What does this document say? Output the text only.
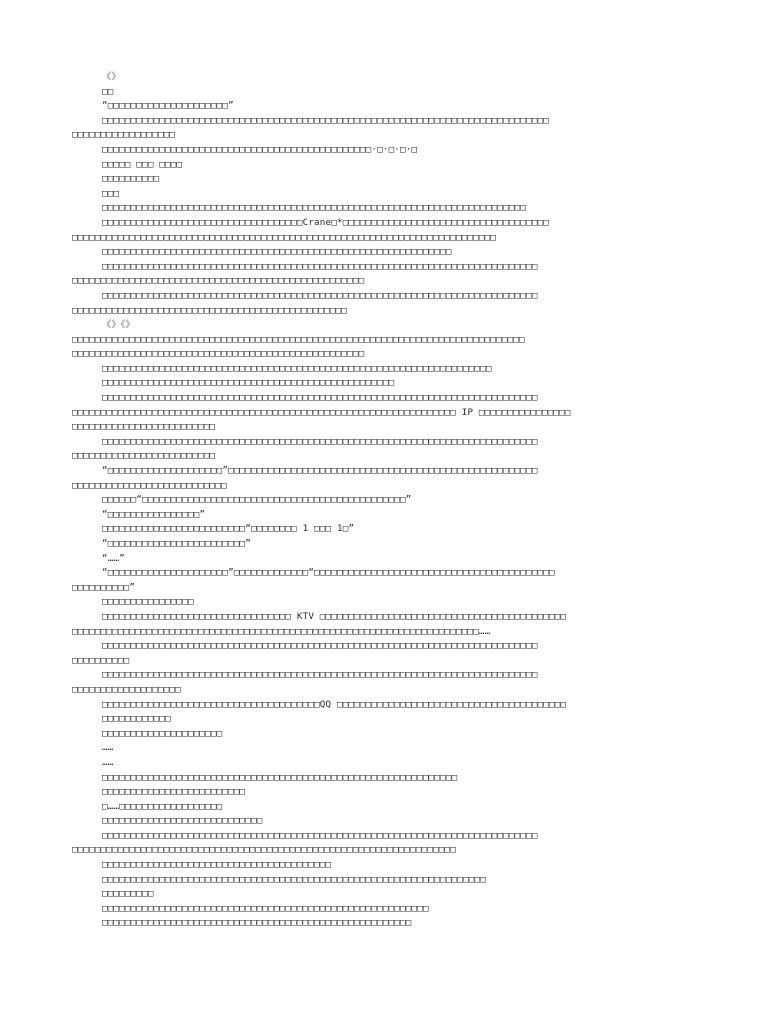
《》
□□
“□□□□□□□□□□□□□□□□□□□□□”
□□□□□□□□□□□□□□□□□□□□□□□□□□□□□□□□□□□□□□□□□□□□□□□□□□□□□□□□□□□□□□□□□□□□□□□□□□□□□□
□□□□□□□□□□□□□□□□□□
□□□□□□□□□□□□□□□□□□□□□□□□□□□□□□□□□□□□□□□□□□□□□□□·□·□·□·□
□□□□□ □□□ □□□□
□□□□□□□□□□
□□□
□□□□□□□□□□□□□□□□□□□□□□□□□□□□□□□□□□□□□□□□□□□□□□□□□□□□□□□□□□□□□□□□□□□□□□□□□□
□□□□□□□□□□□□□□□□□□□□□□□□□□□□□□□□□□□Crane□*□□□□□□□□□□□□□□□□□□□□□□□□□□□□□□□□□□□□
□□□□□□□□□□□□□□□□□□□□□□□□□□□□□□□□□□□□□□□□□□□□□□□□□□□□□□□□□□□□□□□□□□□□□□□□□□
□□□□□□□□□□□□□□□□□□□□□□□□□□□□□□□□□□□□□□□□□□□□□□□□□□□□□□□□□□□□□
□□□□□□□□□□□□□□□□□□□□□□□□□□□□□□□□□□□□□□□□□□□□□□□□□□□□□□□□□□□□□□□□□□□□□□□□□□□□
□□□□□□□□□□□□□□□□□□□□□□□□□□□□□□□□□□□□□□□□□□□□□□□□□□□
□□□□□□□□□□□□□□□□□□□□□□□□□□□□□□□□□□□□□□□□□□□□□□□□□□□□□□□□□□□□□□□□□□□□□□□□□□□□
□□□□□□□□□□□□□□□□□□□□□□□□□□□□□□□□□□□□□□□□□□□□□□□□
《》《》
□□□□□□□□□□□□□□□□□□□□□□□□□□□□□□□□□□□□□□□□□□□□□□□□□□□□□□□□□□□□□□□□□□□□□□□□□□□□□□□
□□□□□□□□□□□□□□□□□□□□□□□□□□□□□□□□□□□□□□□□□□□□□□□□□□□
□□□□□□□□□□□□□□□□□□□□□□□□□□□□□□□□□□□□□□□□□□□□□□□□□□□□□□□□□□□□□□□□□□□□
□□□□□□□□□□□□□□□□□□□□□□□□□□□□□□□□□□□□□□□□□□□□□□□□□□□
□□□□□□□□□□□□□□□□□□□□□□□□□□□□□□□□□□□□□□□□□□□□□□□□□□□□□□□□□□□□□□□□□□□□□□□□□□□□
□□□□□□□□□□□□□□□□□□□□□□□□□□□□□□□□□□□□□□□□□□□□□□□□□□□□□□□□□□□□□□□□□□□ IP □□□□□□□□□□□□□□□□
□□□□□□□□□□□□□□□□□□□□□□□□□
□□□□□□□□□□□□□□□□□□□□□□□□□□□□□□□□□□□□□□□□□□□□□□□□□□□□□□□□□□□□□□□□□□□□□□□□□□□□
□□□□□□□□□□□□□□□□□□□□□□□□□
“□□□□□□□□□□□□□□□□□□□□”□□□□□□□□□□□□□□□□□□□□□□□□□□□□□□□□□□□□□□□□□□□□□□□□□□□□□□
□□□□□□□□□□□□□□□□□□□□□□□□□□□
□□□□□□“□□□□□□□□□□□□□□□□□□□□□□□□□□□□□□□□□□□□□□□□□□□□□□”
“□□□□□□□□□□□□□□□□”
□□□□□□□□□□□□□□□□□□□□□□□□□“□□□□□□□□ 1 □□□ 1□”
“□□□□□□□□□□□□□□□□□□□□□□□□”
“……”
“□□□□□□□□□□□□□□□□□□□□□”□□□□□□□□□□□□□“□□□□□□□□□□□□□□□□□□□□□□□□□□□□□□□□□□□□□□□□□□
□□□□□□□□□□”
□□□□□□□□□□□□□□□□
□□□□□□□□□□□□□□□□□□□□□□□□□□□□□□□□□ KTV □□□□□□□□□□□□□□□□□□□□□□□□□□□□□□□□□□□□□□□□□□□
□□□□□□□□□□□□□□□□□□□□□□□□□□□□□□□□□□□□□□□□□□□□□□□□□□□□□□□□□□□□□□□□□□□□□□□……
□□□□□□□□□□□□□□□□□□□□□□□□□□□□□□□□□□□□□□□□□□□□□□□□□□□□□□□□□□□□□□□□□□□□□□□□□□□□
□□□□□□□□□□
□□□□□□□□□□□□□□□□□□□□□□□□□□□□□□□□□□□□□□□□□□□□□□□□□□□□□□□□□□□□□□□□□□□□□□□□□□□□
□□□□□□□□□□□□□□□□□□□
□□□□□□□□□□□□□□□□□□□□□□□□□□□□□□□□□□□□□□QQ □□□□□□□□□□□□□□□□□□□□□□□□□□□□□□□□□□□□□□□□
□□□□□□□□□□□□
□□□□□□□□□□□□□□□□□□□□□
……
……
□□□□□□□□□□□□□□□□□□□□□□□□□□□□□□□□□□□□□□□□□□□□□□□□□□□□□□□□□□□□□□
□□□□□□□□□□□□□□□□□□□□□□□□□
□……□□□□□□□□□□□□□□□□□□
□□□□□□□□□□□□□□□□□□□□□□□□□□□□
□□□□□□□□□□□□□□□□□□□□□□□□□□□□□□□□□□□□□□□□□□□□□□□□□□□□□□□□□□□□□□□□□□□□□□□□□□□□
□□□□□□□□□□□□□□□□□□□□□□□□□□□□□□□□□□□□□□□□□□□□□□□□□□□□□□□□□□□□□□□□□□□
□□□□□□□□□□□□□□□□□□□□□□□□□□□□□□□□□□□□□□□□
□□□□□□□□□□□□□□□□□□□□□□□□□□□□□□□□□□□□□□□□□□□□□□□□□□□□□□□□□□□□□□□□□□□
□□□□□□□□□
□□□□□□□□□□□□□□□□□□□□□□□□□□□□□□□□□□□□□□□□□□□□□□□□□□□□□□□□□
□□□□□□□□□□□□□□□□□□□□□□□□□□□□□□□□□□□□□□□□□□□□□□□□□□□□□□
